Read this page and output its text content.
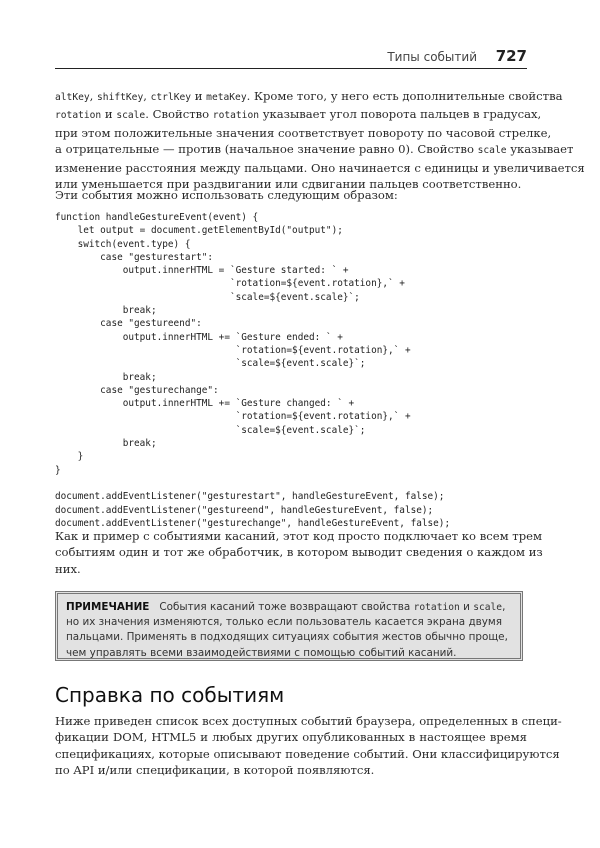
Типы событий 727
altKey, shiftKey, ctrlKey и metaKey. Кроме того, у него есть дополнительные свойства
rotation и scale. Свойство rotation указывает угол поворота пальцев в градусах,
при этом положительные значения соответствует повороту по часовой стрелке,
а отрицательные — против (начальное значение равно 0). Свойство scale указывает
изменение расстояния между пальцами. Оно начинается с единицы и увеличивается
или уменьшается при раздвигании или сдвигании пальцев соответственно.
Эти события можно использовать следующим образом:
function handleGestureEvent(event) {
let output = document.getElementById("output");
switch(event.type) {
case "gesturestart":
output.innerHTML = `Gesture started: ` +
`rotation=${event.rotation},` +
`scale=${event.scale}`;
break;
case "gestureend":
output.innerHTML += `Gesture ended: ` +
`rotation=${event.rotation},` +
`scale=${event.scale}`;
break;
case "gesturechange":
output.innerHTML += `Gesture changed: ` +
`rotation=${event.rotation},` +
`scale=${event.scale}`;
break;
}
}

document.addEventListener("gesturestart", handleGestureEvent, false);
document.addEventListener("gestureend", handleGestureEvent, false);
document.addEventListener("gesturechange", handleGestureEvent, false);
Как и пример с событиями касаний, этот код просто подключает ко всем трем
событиям один и тот же обработчик, в котором выводит сведения о каждом из
них.
ПРИМЕЧАНИЕ События касаний тоже возвращают свойства rotation и scale,
но их значения изменяются, только если пользователь касается экрана двумя
пальцами. Применять в подходящих ситуациях события жестов обычно проще,
чем управлять всеми взаимодействиями с помощью событий касаний.
Справка по событиям
Ниже приведен список всех доступных событий браузера, определенных в специ-
фикации DOM, HTML5 и любых других опубликованных в настоящее время
спецификациях, которые описывают поведение событий. Они классифицируются
по API и/или спецификации, в которой появляются.
